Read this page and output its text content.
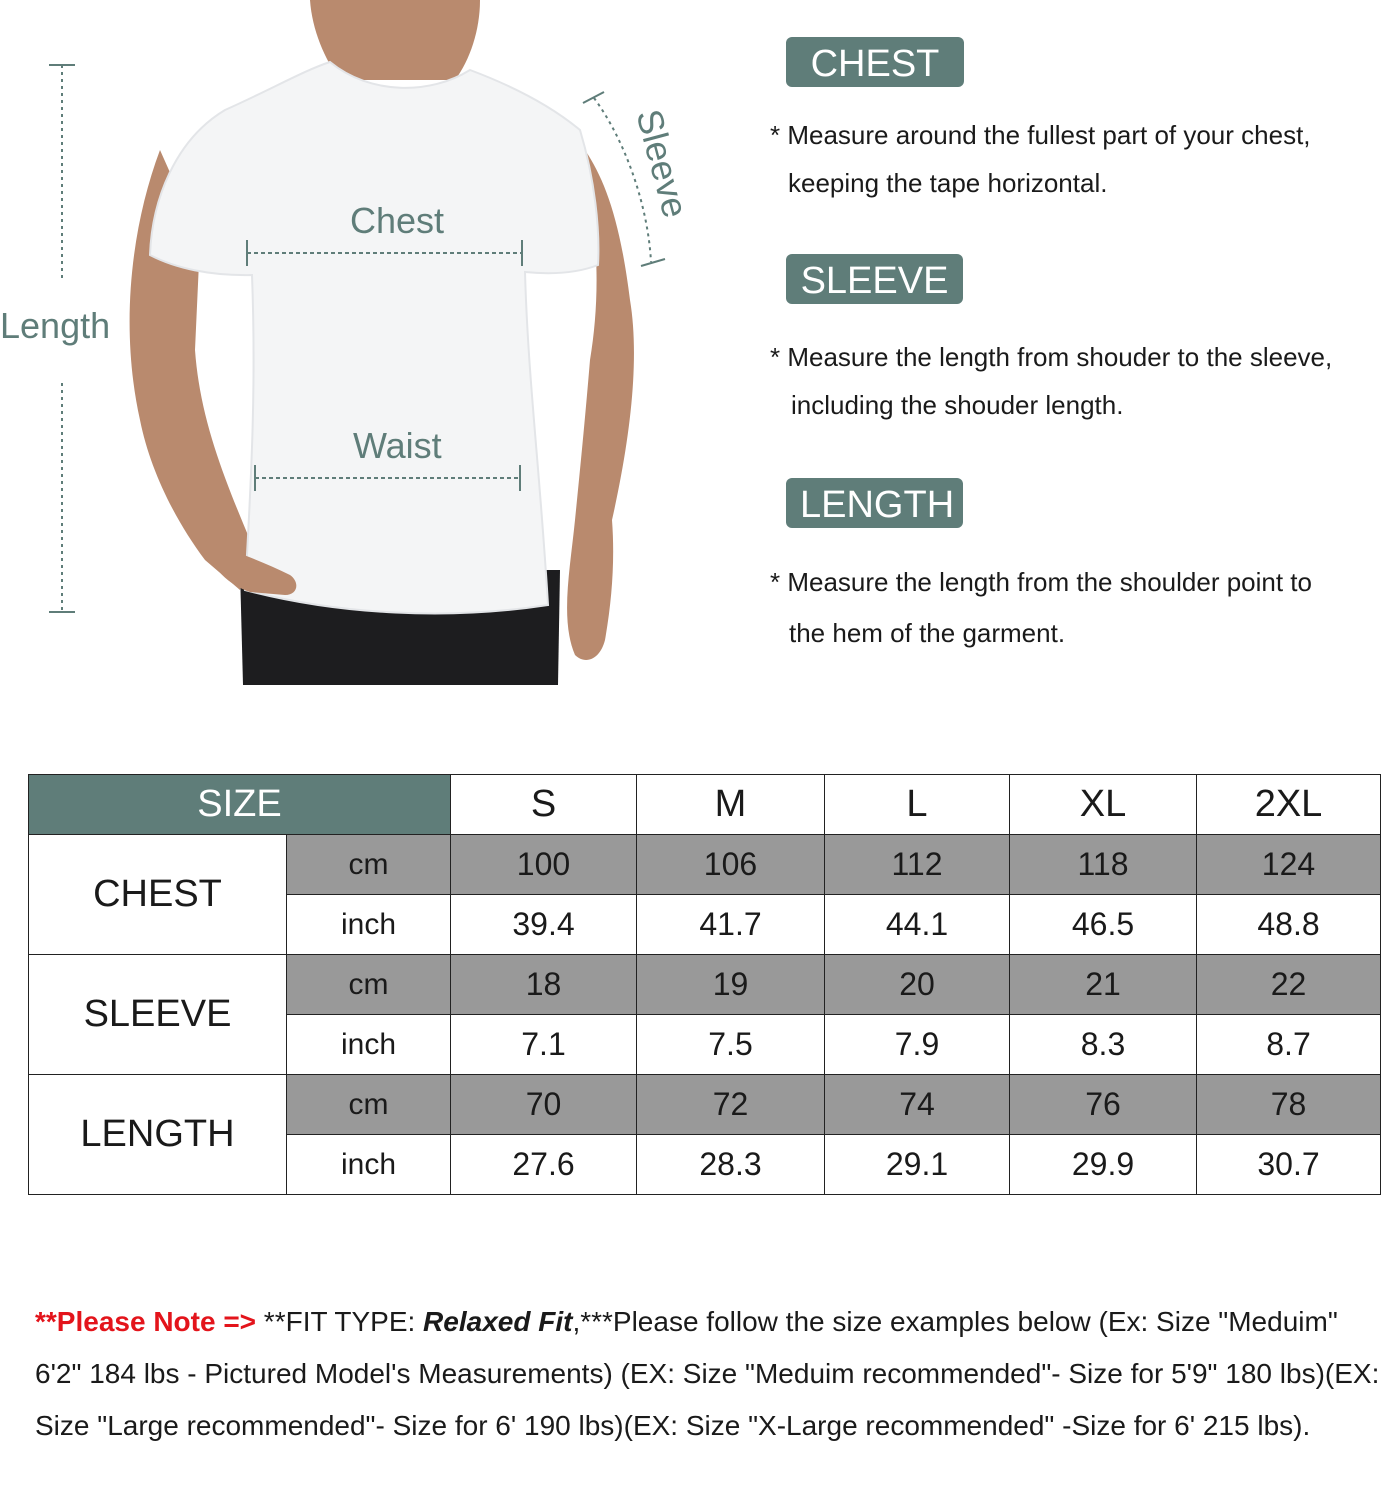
Length
Chest
Waist
Sleeve
CHEST
* Measure around the fullest part of your chest,
keeping the tape horizontal.
SLEEVE
* Measure the length from shouder to the sleeve,
including the shouder length.
LENGTH
* Measure the length from the shoulder point to
the hem of the garment.
SIZE		S	M	L	XL	2XL
CHEST	cm	100	106	112	118	124
	inch	39.4	41.7	44.1	46.5	48.8
SLEEVE	cm	18	19	20	21	22
	inch	7.1	7.5	7.9	8.3	8.7
LENGTH	cm	70	72	74	76	78
	inch	27.6	28.3	29.1	29.9	30.7
**Please Note => **FIT TYPE: Relaxed Fit,***Please follow the size examples below (Ex: Size "Meduim" 6'2" 184 lbs - Pictured Model's Measurements) (EX: Size "Meduim recommended"- Size for 5'9" 180 lbs)(EX: Size "Large recommended"- Size for 6' 190 lbs)(EX: Size "X-Large recommended" -Size for 6' 215 lbs).
